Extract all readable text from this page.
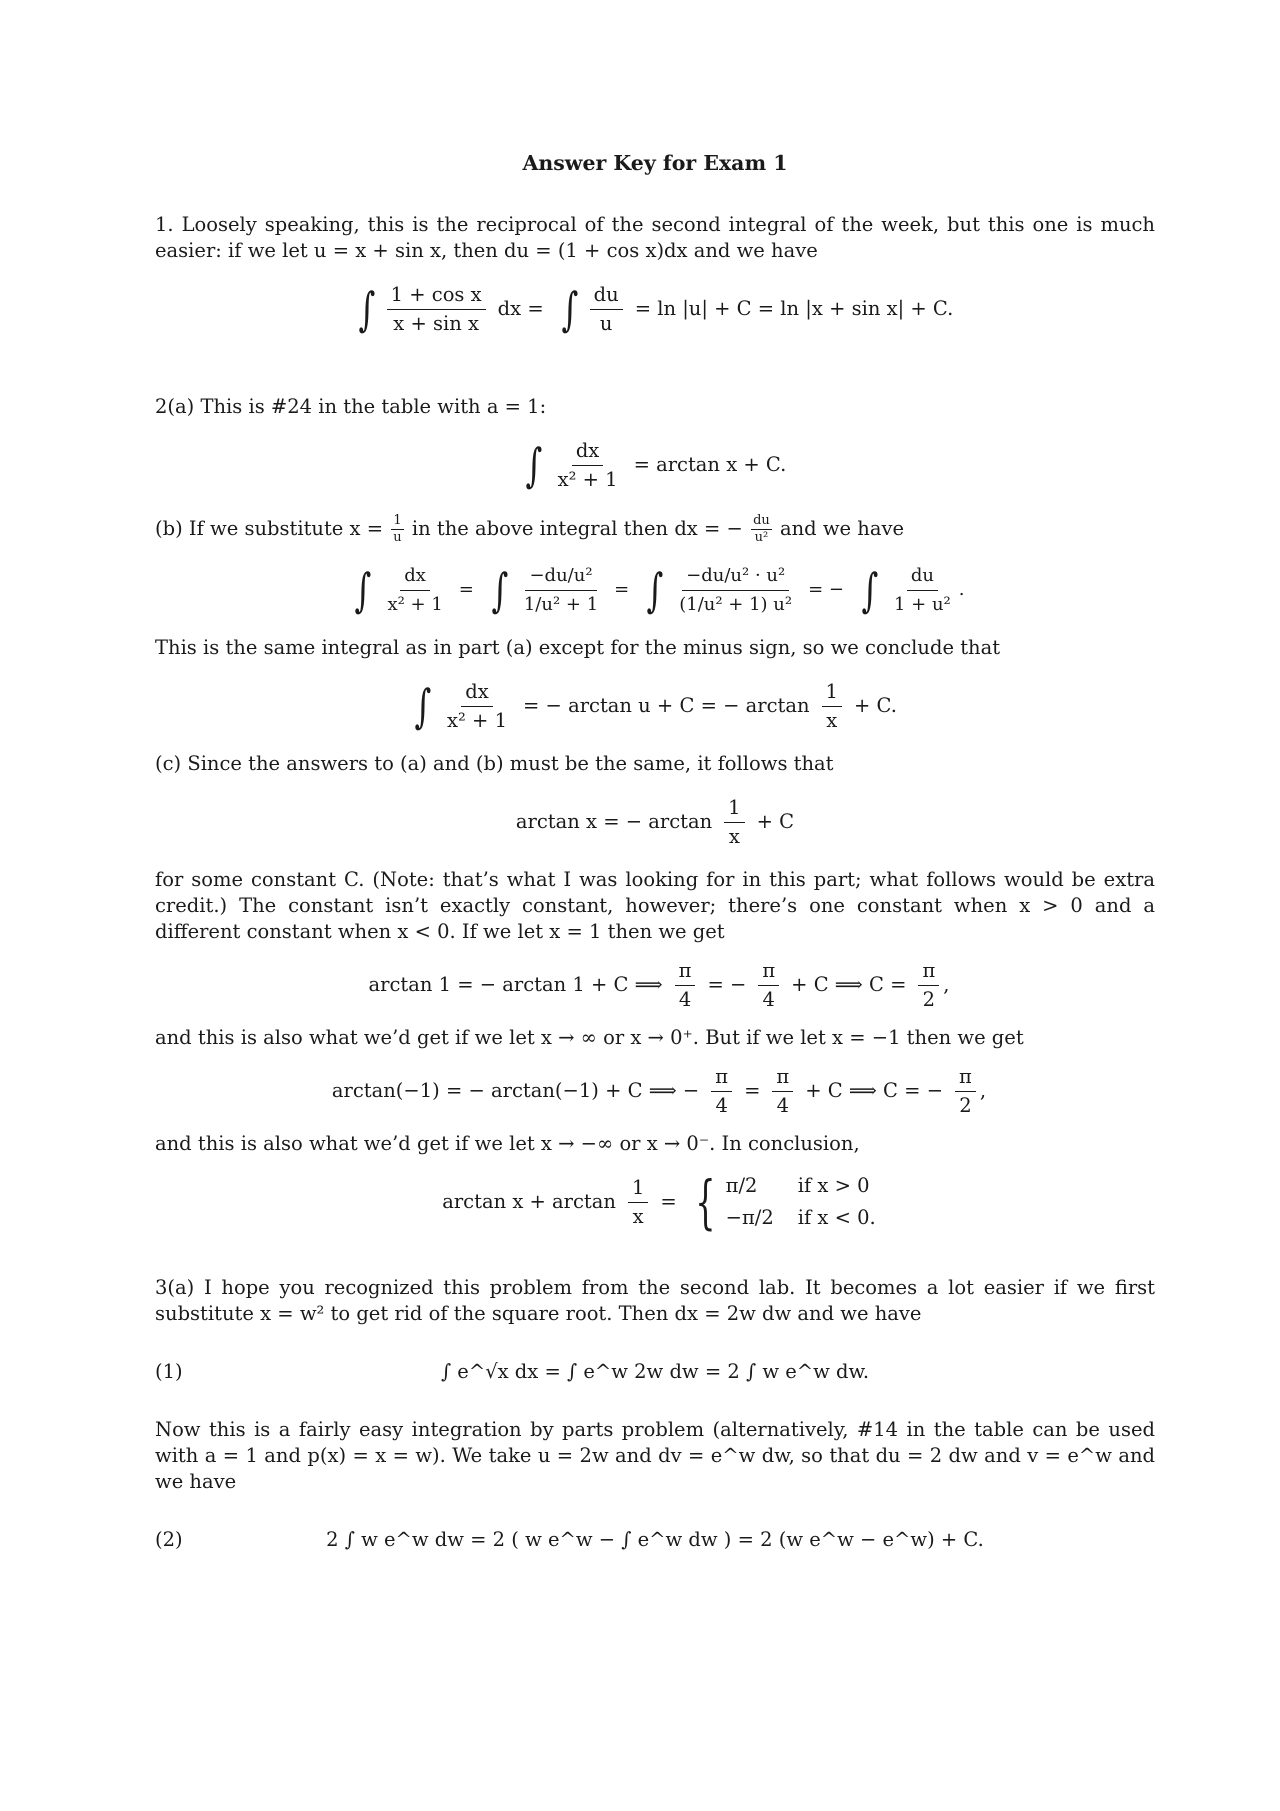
Answer Key for Exam 1

1. Loosely speaking, this is the reciprocal of the second integral of the week, but this one is much easier: if we let u = x + sin x, then du = (1 + cos x)dx and we have

∫ $\frac{\text{1 + cos x}}{\text{x + sin x}}$ dx = ∫ $\frac{du}{u} = \ln |u| + C = \ln |x + \sin x| + C$.

2(a) This is #24 in the table with a = 1:

∫ $\frac{dx}{\text{x² + 1}} = \arctan x + C$.

(b) If we substitute $x = \frac{1}{u}$ in the above integral then dx = − $\frac{du}{\text{u²}}$ and we have

∫ $\frac{dx}{\text{x² + 1}}$ = ∫ $\frac{\text{−du/u²}}{\text{1/u² + 1}}$ = ∫ $\frac{\text{−du/u² · u²}}{\text{(1/u² + 1) u²}}$ = − ∫ $\frac{du}{\text{1 + u²}}$ .

This is the same integral as in part (a) except for the minus sign, so we conclude that

∫ $\frac{dx}{\text{x² + 1}}$ = − arctan u + C = − $\arctan \frac{1}{x} + C$.

(c) Since the answers to (a) and (b) must be the same, it follows that

arctan x = − $\arctan \frac{1}{x} + C$

for some constant C. (Note: that’s what I was looking for in this part; what follows would be extra credit.) The constant isn’t exactly constant, however; there’s one constant when x > 0 and a different constant when x < 0. If we let x = 1 then we get

arctan 1 = − arctan 1 + C ⟹ $\frac{\pi}{4}$ = − $\frac{\pi}{4} + C$ ⟹ $C = \frac{\pi}{2}$ ,

and this is also what we’d get if we let x → ∞ or x → 0⁺. But if we let x = −1 then we get

arctan(−1) = − arctan(−1) + C ⟹ − $\frac{\pi}{4} = \frac{\pi}{4} + C$ ⟹ C = − $\frac{\pi}{2}$ ,

and this is also what we’d get if we let x → −∞ or x → 0⁻. In conclusion,

$\arctan x + \arctan \frac{1}{x}$ = { π/2	if x > 0
−π/2 if x < 0.

3(a) I hope you recognized this problem from the second lab. It becomes a lot easier if we first substitute x = w² to get rid of the square root. Then dx = 2w dw and we have

(1)	∫ e^√x dx = ∫ e^w 2w dw = 2 ∫ w e^w dw.

Now this is a fairly easy integration by parts problem (alternatively, #14 in the table can be used with a = 1 and p(x) = x = w). We take u = 2w and dv = e^w dw, so that du = 2 dw and v = e^w and we have

(2)	2 ∫ w e^w dw = 2 ( w e^w − ∫ e^w dw ) = 2 (w e^w − e^w) + C.
